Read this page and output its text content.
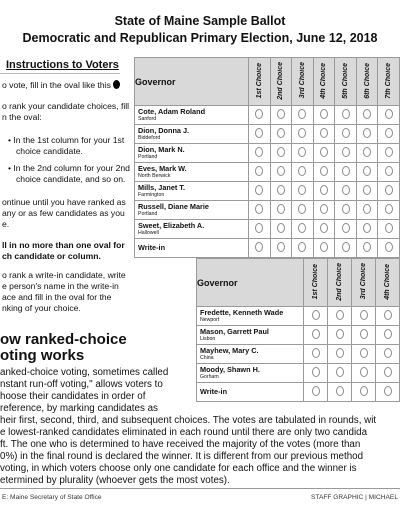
State of Maine Sample Ballot
Democratic and Republican Primary Election, June 12, 2018
Instructions to Voters
o vote, fill in the oval like this
o rank your candidate choices, fill
n the oval:
• In the 1st column for your 1st
choice candidate.
• In the 2nd column for your 2nd
choice candidate, and so on.
ontinue until you have ranked as
any or as few candidates as you
e.
ll in no more than one oval for
ch candidate or column.
o rank a write-in candidate, write
e person's name in the write-in
ace and fill in the oval for the
nking of your choice.
Governor	1st Choice	2nd Choice	3rd Choice	4th Choice	5th Choice	6th Choice	7th Choice
Cote, Adam Roland
Sanford							

Dion, Donna J.
Biddeford							

Dion, Mark N.
Portland							

Eves, Mark W.
North Berwick							

Mills, Janet T.
Farmington							

Russell, Diane Marie
Portland							

Sweet, Elizabeth A.
Hallowell							

Write-in							
Governor	1st Choice	2nd Choice	3rd Choice	4th Choice
Fredette, Kenneth Wade
Newport				

Mason, Garrett Paul
Lisbon				

Mayhew, Mary C.
China				

Moody, Shawn H.
Gorham				

Write-in				
ow ranked-choice
oting works
anked-choice voting, sometimes called
nstant run-off voting," allows voters to
hoose their candidates in order of
reference, by marking candidates as
heir first, second, third, and subsequent choices. The votes are tabulated in rounds, wit
e lowest-ranked candidates eliminated in each round until there are only two candida
ft. The one who is determined to have received the majority of the votes (more than
0%) in the final round is declared the winner. It is different from our previous method
voting, in which voters choose only one candidate for each office and the winner is
etermined by plurality (whoever gets the most votes).
E: Maine Secretary of State Office	STAFF GRAPHIC | MICHAEL
